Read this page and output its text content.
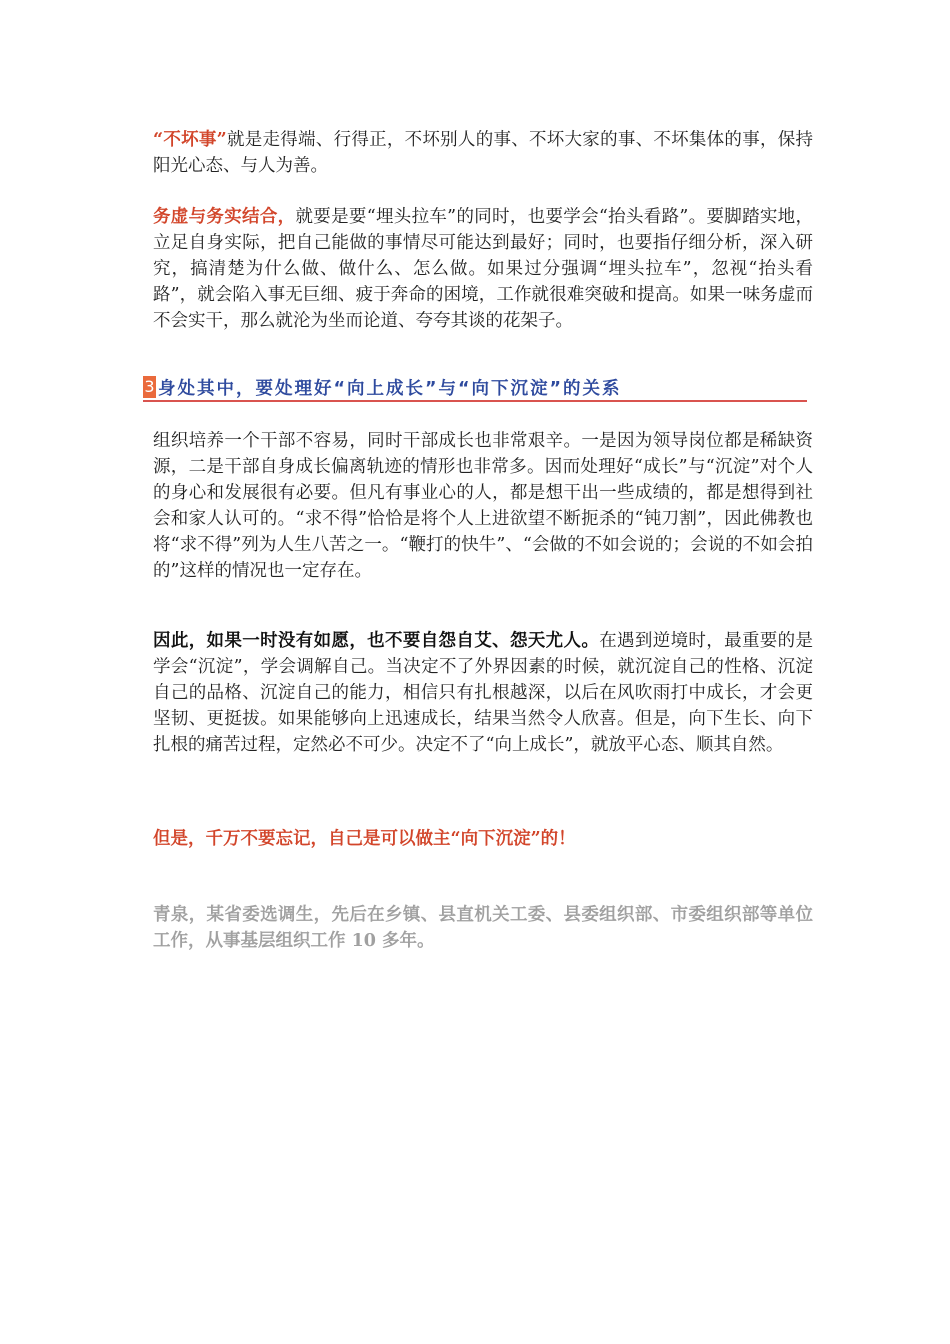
“不坏事”就是走得端、行得正，不坏别人的事、不坏大家的事、不坏集体的事，保持阳光心态、与人为善。

务虚与务实结合，就要是要“埋头拉车”的同时，也要学会“抬头看路”。要脚踏实地，立足自身实际，把自己能做的事情尽可能达到最好；同时，也要指仔细分析，深入研究，搞清楚为什么做、做什么、怎么做。如果过分强调“埋头拉车”，忽视“抬头看路”，就会陷入事无巨细、疲于奔命的困境，工作就很难突破和提高。如果一味务虚而不会实干，那么就沦为坐而论道、夸夸其谈的花架子。

3 身处其中，要处理好“向上成长”与“向下沉淀”的关系

组织培养一个干部不容易，同时干部成长也非常艰辛。一是因为领导岗位都是稀缺资源，二是干部自身成长偏离轨迹的情形也非常多。因而处理好“成长”与“沉淀”对个人的身心和发展很有必要。但凡有事业心的人，都是想干出一些成绩的，都是想得到社会和家人认可的。“求不得”恰恰是将个人上进欲望不断扼杀的“钝刀割”，因此佛教也将“求不得”列为人生八苦之一。“鞭打的快牛”、“会做的不如会说的；会说的不如会拍的”这样的情况也一定存在。

因此，如果一时没有如愿，也不要自怨自艾、怨天尤人。在遇到逆境时，最重要的是学会“沉淀”，学会调解自己。当决定不了外界因素的时候，就沉淀自己的性格、沉淀自己的品格、沉淀自己的能力，相信只有扎根越深，以后在风吹雨打中成长，才会更坚韧、更挺拔。如果能够向上迅速成长，结果当然令人欣喜。但是，向下生长、向下扎根的痛苦过程，定然必不可少。决定不了“向上成长”，就放平心态、顺其自然。

但是，千万不要忘记，自己是可以做主“向下沉淀”的！

青泉，某省委选调生，先后在乡镇、县直机关工委、县委组织部、市委组织部等单位工作，从事基层组织工作 10 多年。
